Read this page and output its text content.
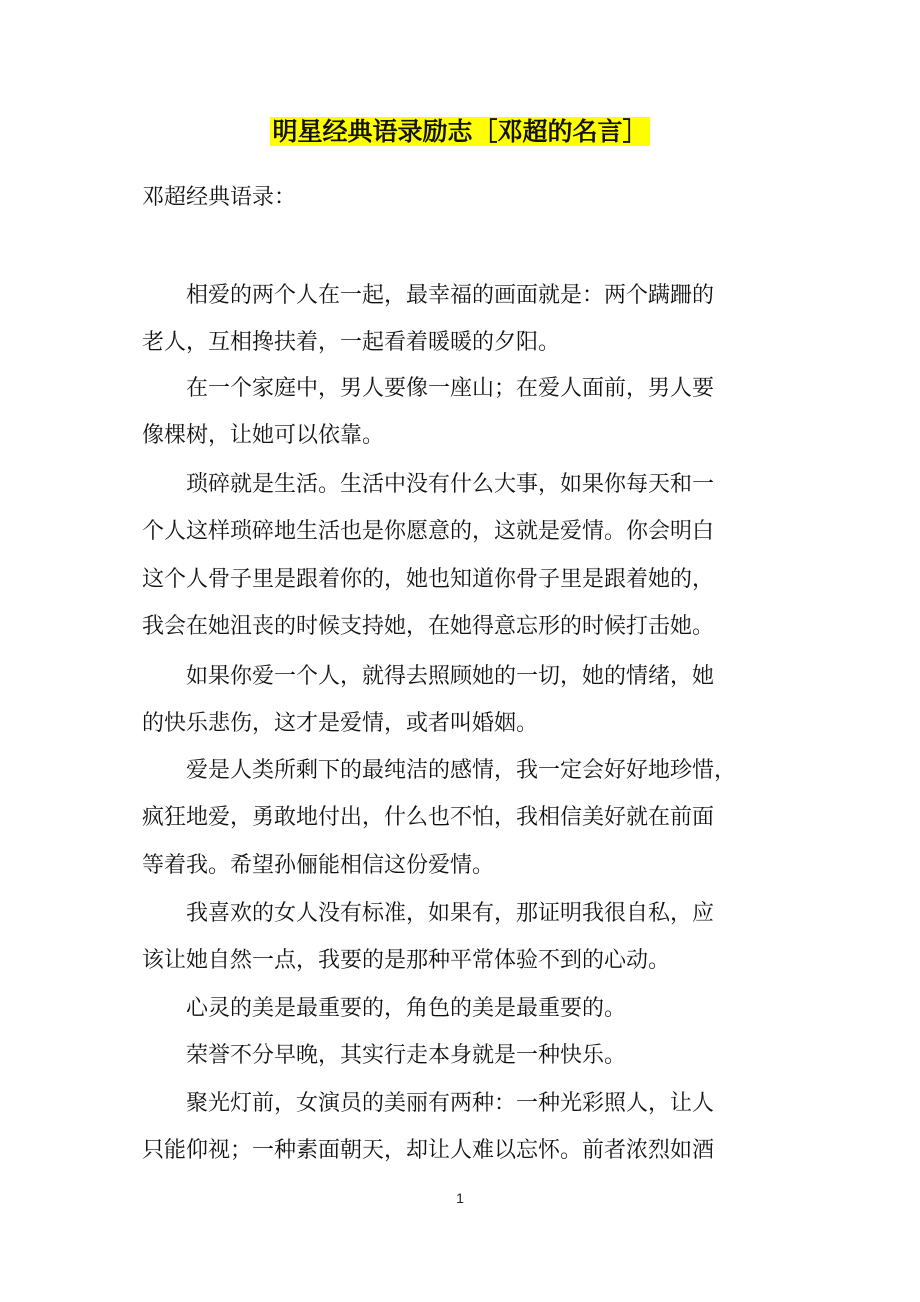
明星经典语录励志［邓超的名言］
邓超经典语录：
相爱的两个人在一起，最幸福的画面就是：两个蹒跚的
老人，互相搀扶着，一起看着暖暖的夕阳。
在一个家庭中，男人要像一座山；在爱人面前，男人要
像棵树，让她可以依靠。
琐碎就是生活。生活中没有什么大事，如果你每天和一
个人这样琐碎地生活也是你愿意的，这就是爱情。你会明白
这个人骨子里是跟着你的，她也知道你骨子里是跟着她的，
我会在她沮丧的时候支持她，在她得意忘形的时候打击她。
如果你爱一个人，就得去照顾她的一切，她的情绪，她
的快乐悲伤，这才是爱情，或者叫婚姻。
爱是人类所剩下的最纯洁的感情，我一定会好好地珍惜，
疯狂地爱，勇敢地付出，什么也不怕，我相信美好就在前面
等着我。希望孙俪能相信这份爱情。
我喜欢的女人没有标准，如果有，那证明我很自私，应
该让她自然一点，我要的是那种平常体验不到的心动。
心灵的美是最重要的，角色的美是最重要的。
荣誉不分早晚，其实行走本身就是一种快乐。
聚光灯前，女演员的美丽有两种：一种光彩照人，让人
只能仰视；一种素面朝天，却让人难以忘怀。前者浓烈如酒
1
